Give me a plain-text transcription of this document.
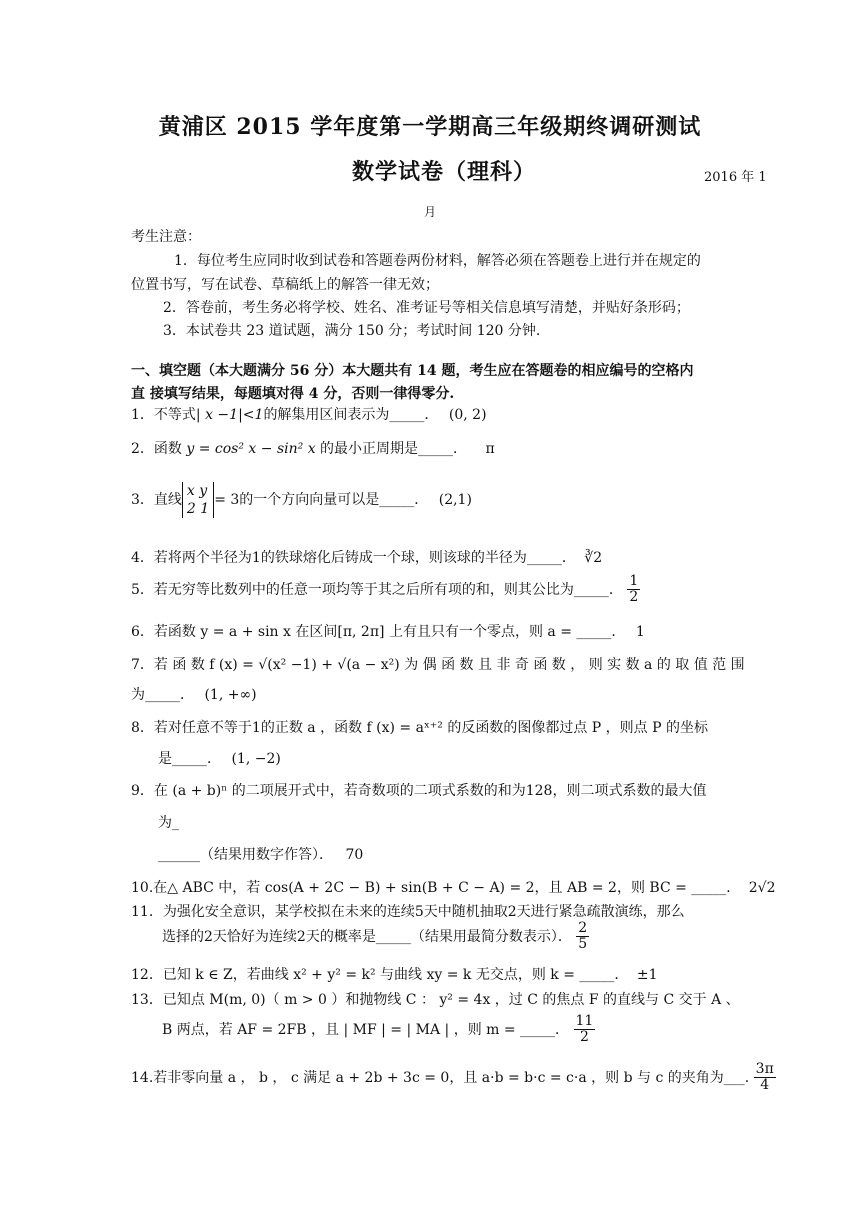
黄浦区 2015 学年度第一学期高三年级期终调研测试
数学试卷（理科）	2016 年 1
月
考生注意：
1．每位考生应同时收到试卷和答题卷两份材料，解答必须在答题卷上进行并在规定的
位置书写，写在试卷、草稿纸上的解答一律无效；
2．答卷前，考生务必将学校、姓名、准考证号等相关信息填写清楚，并贴好条形码；
3．本试卷共 23 道试题，满分 150 分；考试时间 120 分钟.
一、填空题（本大题满分 56 分）本大题共有 14 题，考生应在答题卷的相应编号的空格内
直 接填写结果，每题填对得 4 分，否则一律得零分.
1．不等式| x −1|<1的解集用区间表示为_____． (0, 2)
2．函数 y = cos² x − sin² x 的最小正周期是_____． π
3．直线
x y
2 1
= 3的一个方向向量可以是_____． (2,1)
4．若将两个半径为1的铁球熔化后铸成一个球，则该球的半径为_____． ∛2
5．若无穷等比数列中的任意一项均等于其之后所有项的和，则其公比为_____． $\frac{1}{2}$
6．若函数 y = a + sin x 在区间[π, 2π] 上有且只有一个零点，则 a = _____． 1
7．若 函 数 f (x) = √(x² −1) + √(a − x²) 为 偶 函 数 且 非 奇 函 数 ， 则 实 数 a 的 取 值 范 围
为_____． (1, +∞)
8．若对任意不等于1的正数 a ，函数 f (x) = aˣ⁺² 的反函数的图像都过点 P ，则点 P 的坐标
是_____． (1, −2)
9．在 (a + b)ⁿ 的二项展开式中，若奇数项的二项式系数的和为128，则二项式系数的最大值
为_
______（结果用数字作答）． 70
10.在△ ABC 中，若 cos(A + 2C − B) + sin(B + C − A) = 2，且 AB = 2，则 BC = _____． 2√2
11．为强化安全意识，某学校拟在未来的连续5天中随机抽取2天进行紧急疏散演练，那么
选择的2天恰好为连续2天的概率是_____（结果用最简分数表示）． $\frac{2}{5}$
12．已知 k ∈ Z，若曲线 x² + y² = k² 与曲线 xy = k 无交点，则 k = _____． ±1
13．已知点 M(m, 0)（ m > 0 ）和抛物线 C ： y² = 4x ，过 C 的焦点 F 的直线与 C 交于 A 、
B 两点，若 AF = 2FB ，且 | MF | = | MA | ，则 m = _____． $\frac{11}{2}$
14.若非零向量 a ， b ， c 满足 a + 2b + 3c = 0，且 a·b = b·c = c·a ，则 b 与 c 的夹角为___. $\frac{3\pi}{4}$
